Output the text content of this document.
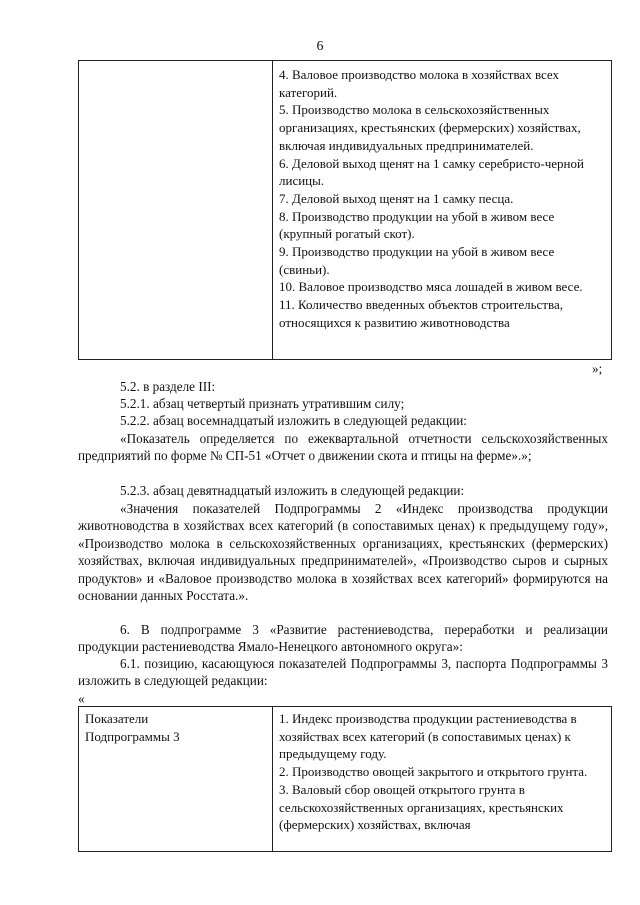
6

4. Валовое производство молока в хозяйствах всех категорий.
5. Производство молока в сельскохозяйственных организациях, крестьянских (фермерских) хозяйствах, включая индивидуальных предпринимателей.
6. Деловой выход щенят на 1 самку серебристо-черной лисицы.
7. Деловой выход щенят на 1 самку песца.
8. Производство продукции на убой в живом весе (крупный рогатый скот).
9. Производство продукции на убой в живом весе (свиньи).
10. Валовое производство мяса лошадей в живом весе.
11. Количество введенных объектов строительства, относящихся к развитию животноводства
»;
5.2. в разделе III:
5.2.1. абзац четвертый признать утратившим силу;
5.2.2. абзац восемнадцатый изложить в следующей редакции:
«Показатель определяется по ежеквартальной отчетности сельскохозяйственных предприятий по форме № СП-51 «Отчет о движении скота и птицы на ферме».»;
5.2.3. абзац девятнадцатый изложить в следующей редакции:
«Значения показателей Подпрограммы 2 «Индекс производства продукции животноводства в хозяйствах всех категорий (в сопоставимых ценах) к предыдущему году», «Производство молока в сельскохозяйственных организациях, крестьянских (фермерских) хозяйствах, включая индивидуальных предпринимателей», «Производство сыров и сырных продуктов» и «Валовое производство молока в хозяйствах всех категорий» формируются на основании данных Росстата.».
6. В подпрограмме 3 «Развитие растениеводства, переработки и реализации продукции растениеводства Ямало-Ненецкого автономного округа»:
6.1. позицию, касающуюся показателей Подпрограммы 3, паспорта Подпрограммы 3 изложить в следующей редакции:
«
Показатели Подпрограммы 3

1. Индекс производства продукции растениеводства в хозяйствах всех категорий (в сопоставимых ценах) к предыдущему году.
2. Производство овощей закрытого и открытого грунта.
3. Валовый сбор овощей открытого грунта в сельскохозяйственных организациях, крестьянских (фермерских) хозяйствах, включая
